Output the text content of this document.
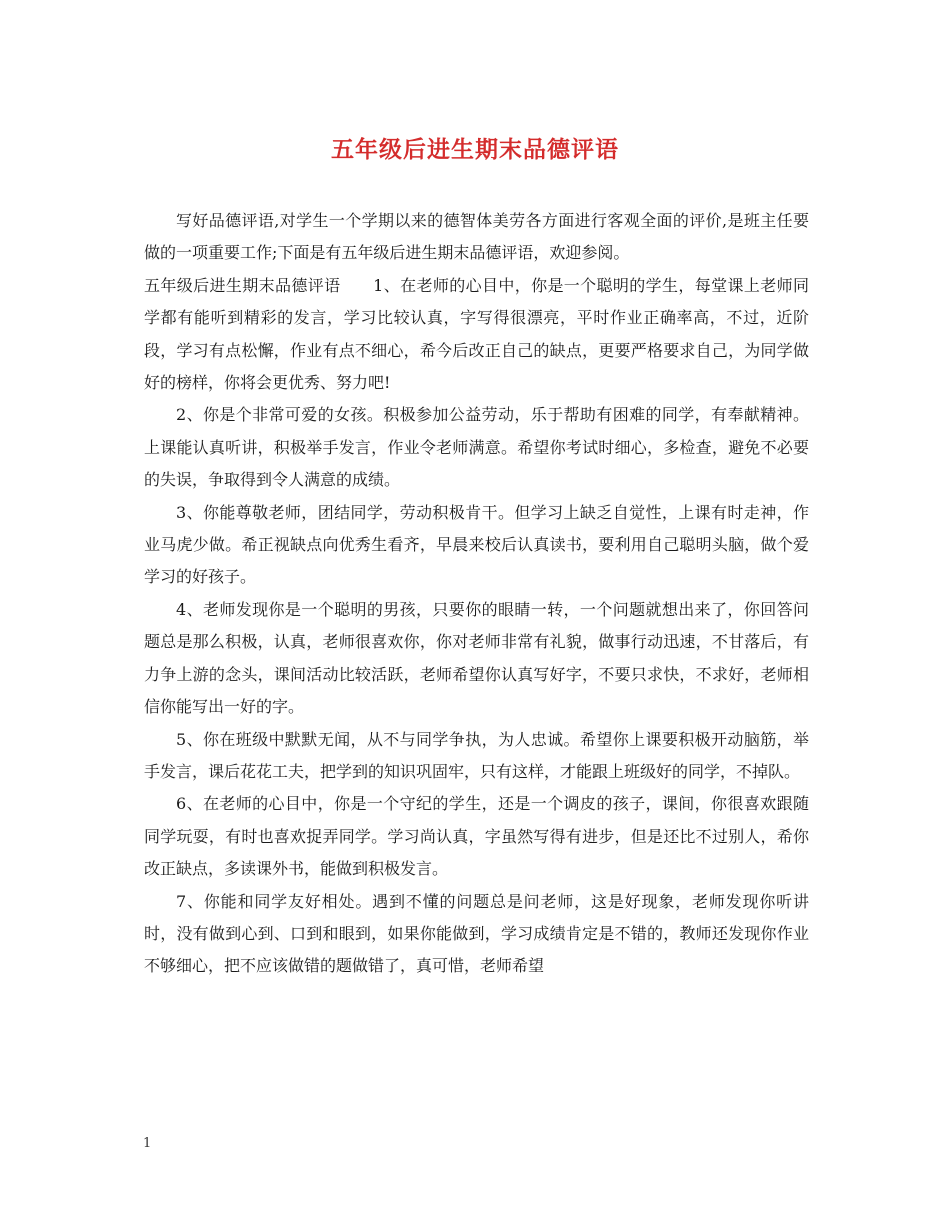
五年级后进生期末品德评语

写好品德评语,对学生一个学期以来的德智体美劳各方面进行客观全面的评价,是班主任要做的一项重要工作;下面是有五年级后进生期末品德评语，欢迎参阅。

五年级后进生期末品德评语　　1、在老师的心目中，你是一个聪明的学生，每堂课上老师同学都有能听到精彩的发言，学习比较认真，字写得很漂亮，平时作业正确率高，不过，近阶段，学习有点松懈，作业有点不细心，希今后改正自己的缺点，更要严格要求自己，为同学做好的榜样，你将会更优秀、努力吧!

2、你是个非常可爱的女孩。积极参加公益劳动，乐于帮助有困难的同学，有奉献精神。上课能认真听讲，积极举手发言，作业令老师满意。希望你考试时细心，多检查，避免不必要的失误，争取得到令人满意的成绩。

3、你能尊敬老师，团结同学，劳动积极肯干。但学习上缺乏自觉性，上课有时走神，作业马虎少做。希正视缺点向优秀生看齐，早晨来校后认真读书，要利用自己聪明头脑，做个爱学习的好孩子。

4、老师发现你是一个聪明的男孩，只要你的眼睛一转，一个问题就想出来了，你回答问题总是那么积极，认真，老师很喜欢你，你对老师非常有礼貌，做事行动迅速，不甘落后，有力争上游的念头，课间活动比较活跃，老师希望你认真写好字，不要只求快，不求好，老师相信你能写出一好的字。

5、你在班级中默默无闻，从不与同学争执，为人忠诚。希望你上课要积极开动脑筋，举手发言，课后花花工夫，把学到的知识巩固牢，只有这样，才能跟上班级好的同学，不掉队。

6、在老师的心目中，你是一个守纪的学生，还是一个调皮的孩子，课间，你很喜欢跟随同学玩耍，有时也喜欢捉弄同学。学习尚认真，字虽然写得有进步，但是还比不过别人，希你改正缺点，多读课外书，能做到积极发言。

7、你能和同学友好相处。遇到不懂的问题总是问老师，这是好现象，老师发现你听讲时，没有做到心到、口到和眼到，如果你能做到，学习成绩肯定是不错的，教师还发现你作业不够细心，把不应该做错的题做错了，真可惜，老师希望

1
